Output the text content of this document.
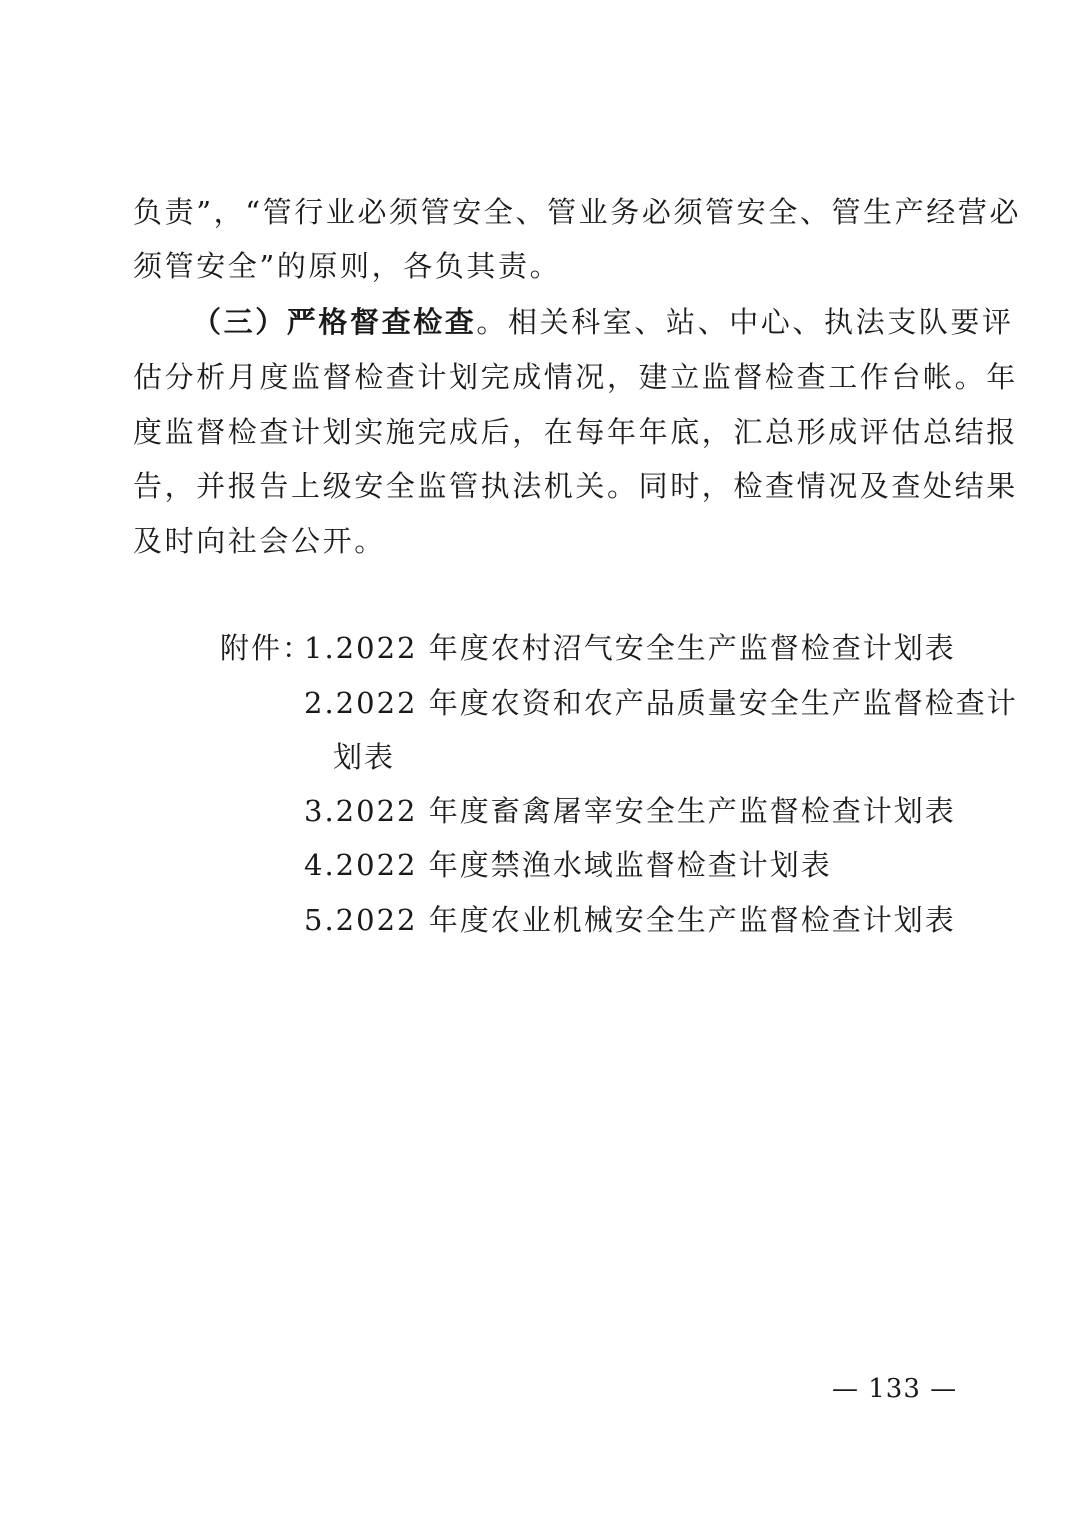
负责”，“管行业必须管安全、管业务必须管安全、管生产经营必
须管安全”的原则，各负其责。
（三）严格督查检查。相关科室、站、中心、执法支队要评
估分析月度监督检查计划完成情况，建立监督检查工作台帐。年
度监督检查计划实施完成后，在每年年底，汇总形成评估总结报
告，并报告上级安全监管执法机关。同时，检查情况及查处结果
及时向社会公开。
附件：
1.2022 年度农村沼气安全生产监督检查计划表
2.2022 年度农资和农产品质量安全生产监督检查计
划表
3.2022 年度畜禽屠宰安全生产监督检查计划表
4.2022 年度禁渔水域监督检查计划表
5.2022 年度农业机械安全生产监督检查计划表
— 133 —
